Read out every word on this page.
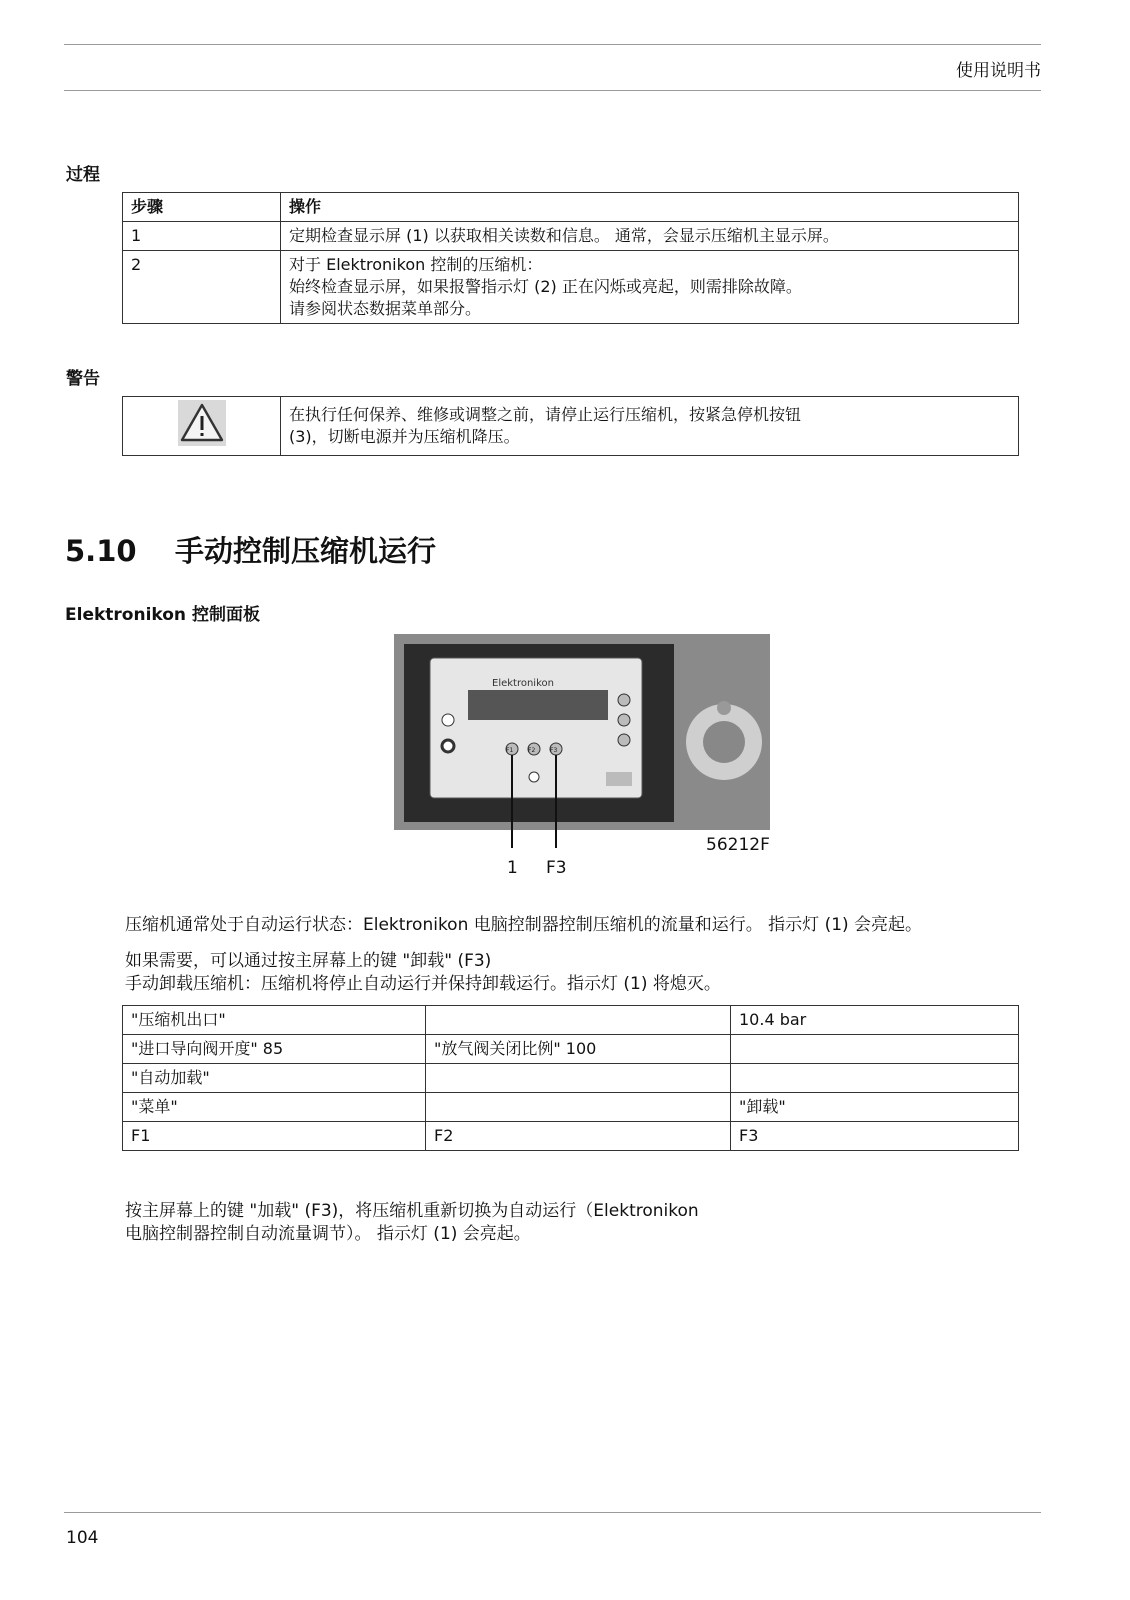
使用说明书
过程
步骤	操作
1	定期检查显示屏 (1) 以获取相关读数和信息。 通常，会显示压缩机主显示屏。

2	对于 Elektronikon 控制的压缩机：
始终检查显示屏，如果报警指示灯 (2) 正在闪烁或亮起，则需排除故障。
请参阅状态数据菜单部分。
警告

在执行任何保养、维修或调整之前，请停止运行压缩机，按紧急停机按钮
(3)，切断电源并为压缩机降压。
5.10 手动控制压缩机运行
Elektronikon 控制面板
Elektronikon
F1 F2 F3
56212F
1 F3
压缩机通常处于自动运行状态：Elektronikon 电脑控制器控制压缩机的流量和运行。 指示灯 (1) 会亮起。
如果需要，可以通过按主屏幕上的键 "卸载" (F3)
手动卸载压缩机：压缩机将停止自动运行并保持卸载运行。指示灯 (1) 将熄灭。
"压缩机出口"		10.4 bar
"进口导向阀开度" 85	"放气阀关闭比例" 100	
"自动加载"		
"菜单"		"卸载"
F1	F2	F3
按主屏幕上的键 "加载" (F3)，将压缩机重新切换为自动运行（Elektronikon
电脑控制器控制自动流量调节）。 指示灯 (1) 会亮起。
104
